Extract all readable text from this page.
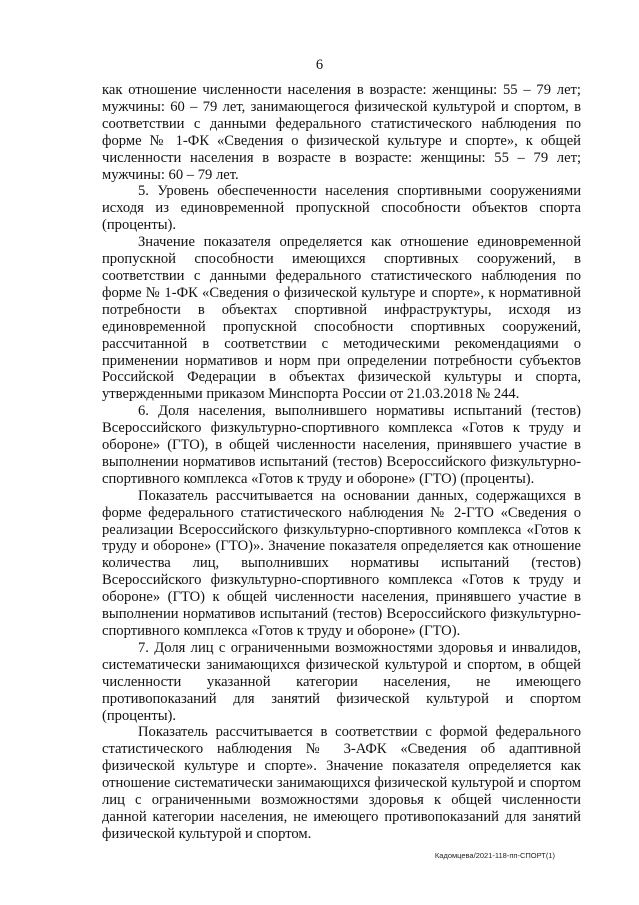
6

как отношение численности населения в возрасте: женщины: 55 – 79 лет; мужчины: 60 – 79 лет, занимающегося физической культурой и спортом, в соответствии с данными федерального статистического наблюдения по форме № 1-ФК «Сведения о физической культуре и спорте», к общей численности населения в возрасте в возрасте: женщины: 55 – 79 лет; мужчины: 60 – 79 лет.

5. Уровень обеспеченности населения спортивными сооружениями исходя из единовременной пропускной способности объектов спорта (проценты).

Значение показателя определяется как отношение единовременной пропускной способности имеющихся спортивных сооружений, в соответствии с данными федерального статистического наблюдения по форме № 1-ФК «Сведения о физической культуре и спорте», к нормативной потребности в объектах спортивной инфраструктуры, исходя из единовременной пропускной способности спортивных сооружений, рассчитанной в соответствии с методическими рекомендациями о применении нормативов и норм при определении потребности субъектов Российской Федерации в объектах физической культуры и спорта, утвержденными приказом Минспорта России от 21.03.2018 № 244.

6. Доля населения, выполнившего нормативы испытаний (тестов) Всероссийского физкультурно-спортивного комплекса «Готов к труду и обороне» (ГТО), в общей численности населения, принявшего участие в выполнении нормативов испытаний (тестов) Всероссийского физкультурно-спортивного комплекса «Готов к труду и обороне» (ГТО) (проценты).

Показатель рассчитывается на основании данных, содержащихся в форме федерального статистического наблюдения № 2-ГТО «Сведения о реализации Всероссийского физкультурно-спортивного комплекса «Готов к труду и обороне» (ГТО)». Значение показателя определяется как отношение количества лиц, выполнивших нормативы испытаний (тестов) Всероссийского физкультурно-спортивного комплекса «Готов к труду и обороне» (ГТО) к общей численности населения, принявшего участие в выполнении нормативов испытаний (тестов) Всероссийского физкультурно-спортивного комплекса «Готов к труду и обороне» (ГТО).

7. Доля лиц с ограниченными возможностями здоровья и инвалидов, систематически занимающихся физической культурой и спортом, в общей численности указанной категории населения, не имеющего противопоказаний для занятий физической культурой и спортом (проценты).

Показатель рассчитывается в соответствии с формой федерального статистического наблюдения № 3-АФК «Сведения об адаптивной физической культуре и спорте». Значение показателя определяется как отношение систематически занимающихся физической культурой и спортом лиц с ограниченными возможностями здоровья к общей численности данной категории населения, не имеющего противопоказаний для занятий физической культурой и спортом.

Кадомцева/2021-118-пп-СПОРТ(1)
